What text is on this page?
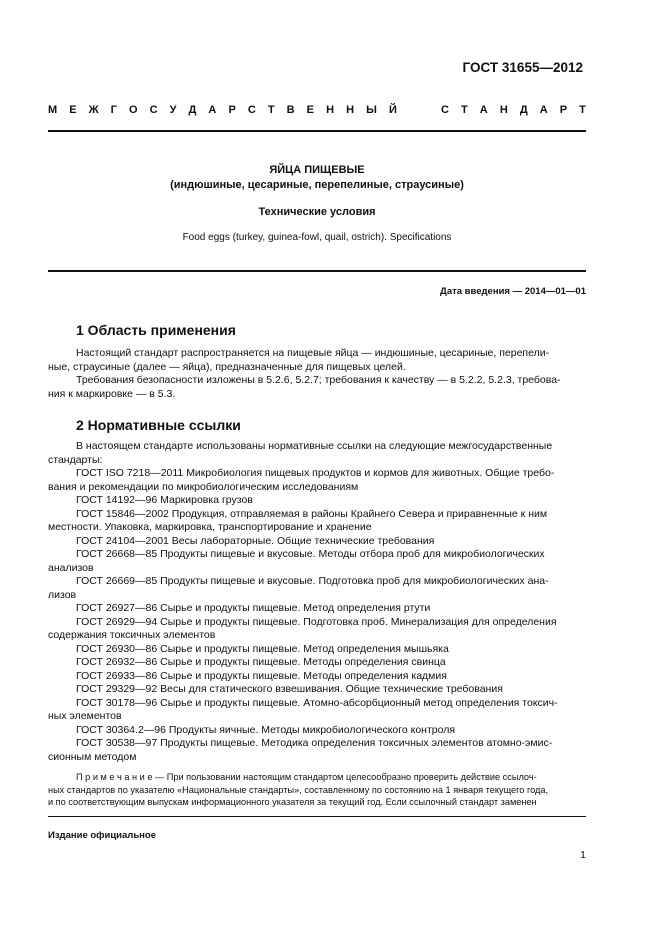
ГОСТ 31655—2012
М Е Ж Г О С У Д А Р С Т В Е Н Н Ы Й	С Т А Н Д А Р Т
ЯЙЦА ПИЩЕВЫЕ
(индюшиные, цесариные, перепелиные, страусиные)
Технические условия
Food eggs (turkey, guinea-fowl, quail, ostrich). Specifications
Дата введения — 2014—01—01
1 Область применения
Настоящий стандарт распространяется на пищевые яйца — индюшиные, цесариные, перепели-
ные, страусиные (далее — яйца), предназначенные для пищевых целей.
Требования безопасности изложены в 5.2.6, 5.2.7; требования к качеству — в 5.2.2, 5.2.3, требова-
ния к маркировке — в 5.3.
2 Нормативные ссылки
В настоящем стандарте использованы нормативные ссылки на следующие межгосударственные
стандарты:
ГОСТ ISO 7218—2011 Микробиология пищевых продуктов и кормов для животных. Общие требо-
вания и рекомендации по микробиологическим исследованиям
ГОСТ 14192—96 Маркировка грузов
ГОСТ 15846—2002 Продукция, отправляемая в районы Крайнего Севера и приравненные к ним
местности. Упаковка, маркировка, транспортирование и хранение
ГОСТ 24104—2001 Весы лабораторные. Общие технические требования
ГОСТ 26668—85 Продукты пищевые и вкусовые. Методы отбора проб для микробиологических
анализов
ГОСТ 26669—85 Продукты пищевые и вкусовые. Подготовка проб для микробиологических ана-
лизов
ГОСТ 26927—86 Сырье и продукты пищевые. Метод определения ртути
ГОСТ 26929—94 Сырье и продукты пищевые. Подготовка проб. Минерализация для определения
содержания токсичных элементов
ГОСТ 26930—86 Сырье и продукты пищевые. Метод определения мышьяка
ГОСТ 26932—86 Сырье и продукты пищевые. Методы определения свинца
ГОСТ 26933—86 Сырье и продукты пищевые. Методы определения кадмия
ГОСТ 29329—92 Весы для статического взвешивания. Общие технические требования
ГОСТ 30178—96 Сырье и продукты пищевые. Атомно-абсорбционный метод определения токсич-
ных элементов
ГОСТ 30364.2—96 Продукты яичные. Методы микробиологического контроля
ГОСТ 30538—97 Продукты пищевые. Методика определения токсичных элементов атомно-эмис-
сионным методом
П р и м е ч а н и е — При пользовании настоящим стандартом целесообразно проверить действие ссылоч-
ных стандартов по указателю «Национальные стандарты», составленному по состоянию на 1 января текущего года,
и по соответствующим выпускам информационного указателя за текущий год. Если ссылочный стандарт заменен
Издание официальное
1
